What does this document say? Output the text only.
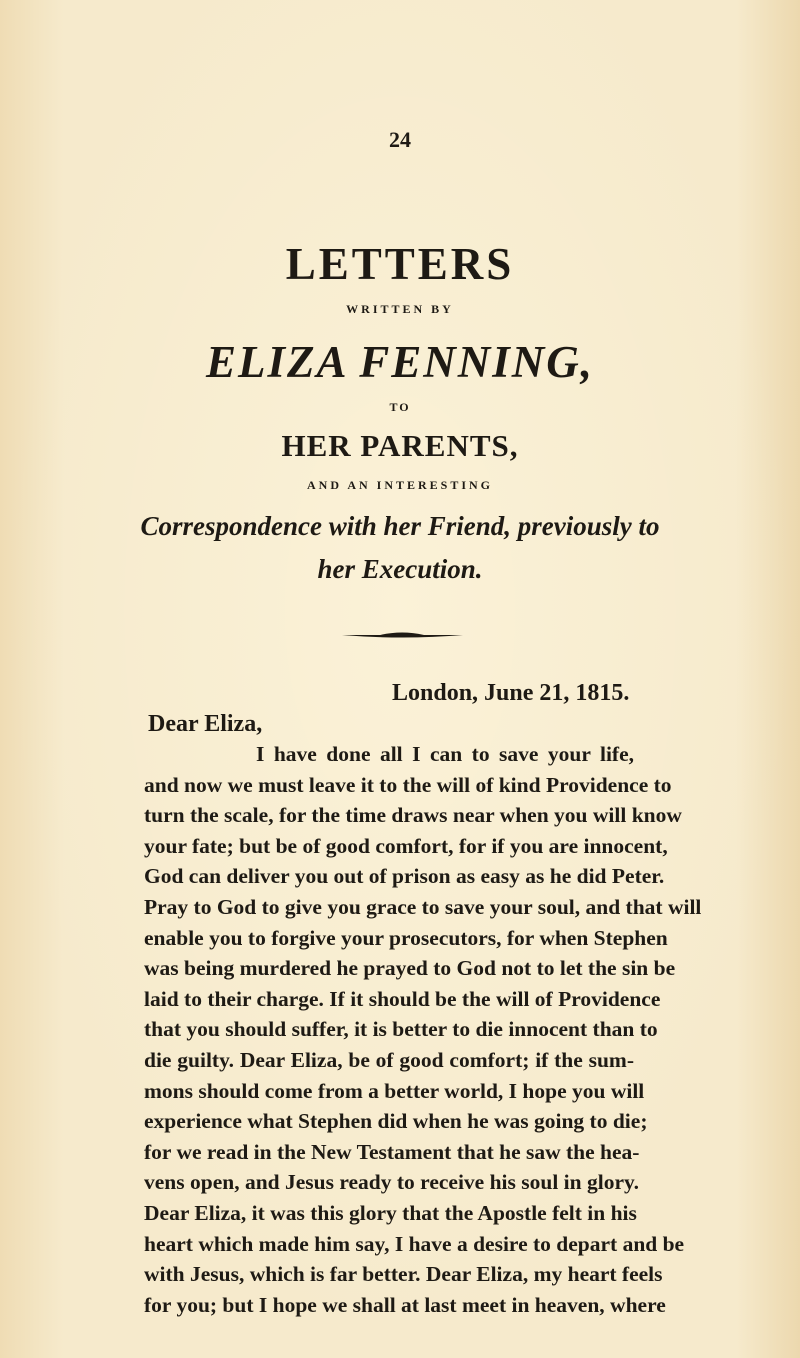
24
LETTERS
WRITTEN BY
ELIZA FENNING,
TO
HER PARENTS,
AND AN INTERESTING
Correspondence with her Friend, previously to
her Execution.
London, June 21, 1815.
Dear Eliza,
I have done all I can to save your life,
and now we must leave it to the will of kind Providence to
turn the scale, for the time draws near when you will know
your fate; but be of good comfort, for if you are innocent,
God can deliver you out of prison as easy as he did Peter.
Pray to God to give you grace to save your soul, and that will
enable you to forgive your prosecutors, for when Stephen
was being murdered he prayed to God not to let the sin be
laid to their charge. If it should be the will of Providence
that you should suffer, it is better to die innocent than to
die guilty. Dear Eliza, be of good comfort; if the sum-
mons should come from a better world, I hope you will
experience what Stephen did when he was going to die;
for we read in the New Testament that he saw the hea-
vens open, and Jesus ready to receive his soul in glory.
Dear Eliza, it was this glory that the Apostle felt in his
heart which made him say, I have a desire to depart and be
with Jesus, which is far better. Dear Eliza, my heart feels
for you; but I hope we shall at last meet in heaven, where
